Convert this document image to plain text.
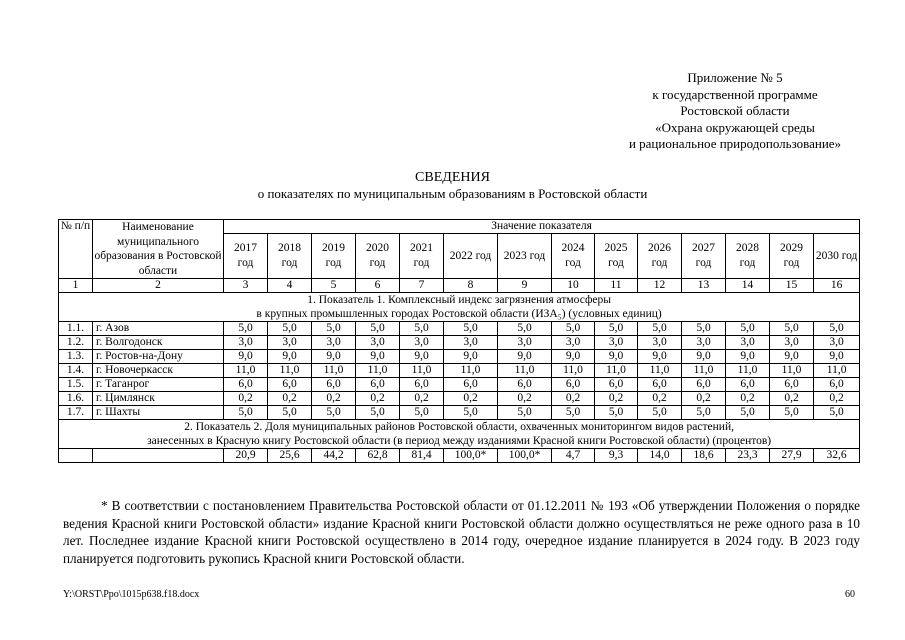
Приложение № 5
к государственной программе
Ростовской области
«Охрана окружающей среды
и рациональное природопользование»
СВЕДЕНИЯ
о показателях по муниципальным образованиям в Ростовской области
№ п/п	Наименование муниципального образования в Ростовской области	Значение показателя													
		2017 год	2018 год	2019 год	2020 год	2021 год	2022 год	2023 год	2024 год	2025 год	2026 год	2027 год	2028 год	2029 год	2030 год
1	2	3	4	5	6	7	8	9	10	11	12	13	14	15	16

1. Показатель 1. Комплексный индекс загрязнения атмосферы
в крупных промышленных городах Ростовской области (ИЗА₅) (условных единиц)															

1.1.	г. Азов	5,0	5,0	5,0	5,0	5,0	5,0	5,0	5,0	5,0	5,0	5,0	5,0	5,0	5,0
1.2.	г. Волгодонск	3,0	3,0	3,0	3,0	3,0	3,0	3,0	3,0	3,0	3,0	3,0	3,0	3,0	3,0
1.3.	г. Ростов-на-Дону	9,0	9,0	9,0	9,0	9,0	9,0	9,0	9,0	9,0	9,0	9,0	9,0	9,0	9,0
1.4.	г. Новочеркасск	11,0	11,0	11,0	11,0	11,0	11,0	11,0	11,0	11,0	11,0	11,0	11,0	11,0	11,0
1.5.	г. Таганрог	6,0	6,0	6,0	6,0	6,0	6,0	6,0	6,0	6,0	6,0	6,0	6,0	6,0	6,0
1.6.	г. Цимлянск	0,2	0,2	0,2	0,2	0,2	0,2	0,2	0,2	0,2	0,2	0,2	0,2	0,2	0,2
1.7.	г. Шахты	5,0	5,0	5,0	5,0	5,0	5,0	5,0	5,0	5,0	5,0	5,0	5,0	5,0	5,0

2. Показатель 2. Доля муниципальных районов Ростовской области, охваченных мониторингом видов растений,
занесенных в Красную книгу Ростовской области (в период между изданиями Красной книги Ростовской области) (процентов)															

		20,9	25,6	44,2	62,8	81,4	100,0*	100,0*	4,7	9,3	14,0	18,6	23,3	27,9	32,6
* В соответствии с постановлением Правительства Ростовской области от 01.12.2011 № 193 «Об утверждении Положения о порядке ведения Красной книги Ростовской области» издание Красной книги Ростовской области должно осуществляться не реже одного раза в 10 лет. Последнее издание Красной книги Ростовской осуществлено в 2014 году, очередное издание планируется в 2024 году. В 2023 году планируется подготовить рукопись Красной книги Ростовской области.
Y:\ORST\Ppo\1015p638.f18.docx	60
